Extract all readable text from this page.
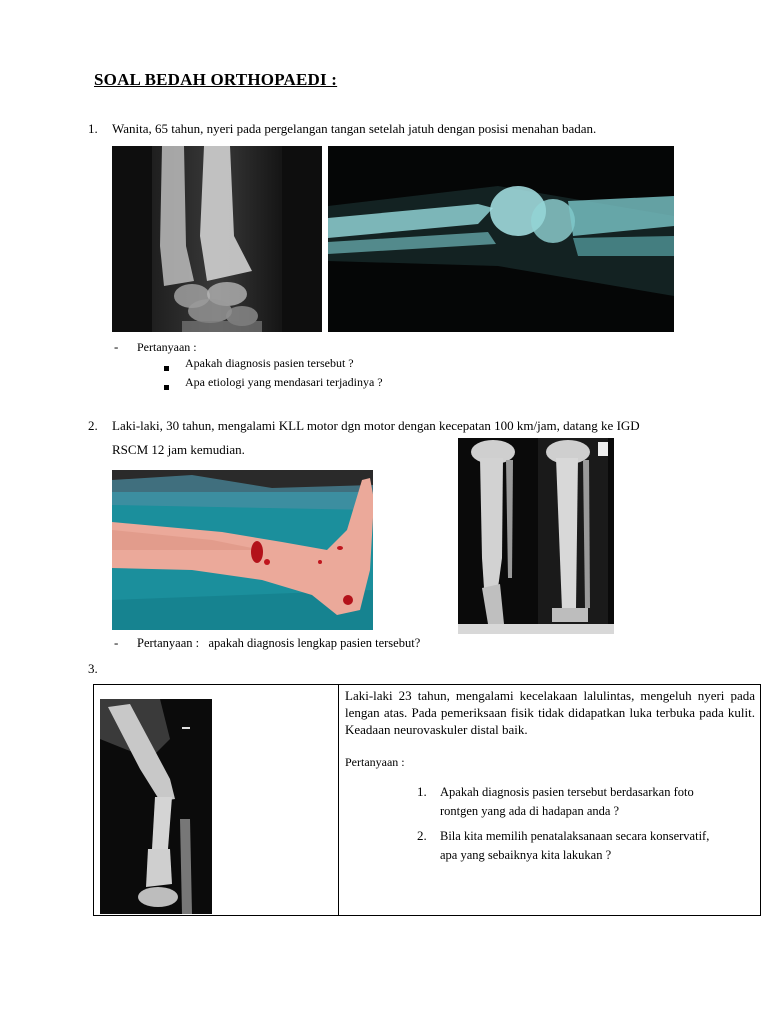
SOAL BEDAH ORTHOPAEDI :
1. Wanita, 65 tahun, nyeri pada pergelangan tangan setelah jatuh dengan posisi menahan badan.
- Pertanyaan :
Apakah diagnosis pasien tersebut ?
Apa etiologi yang mendasari terjadinya ?
2. Laki-laki, 30 tahun, mengalami KLL motor dgn motor dengan kecepatan 100 km/jam, datang ke IGD
RSCM 12 jam kemudian.
- Pertanyaan :   apakah diagnosis lengkap pasien tersebut?
3.

Laki-laki 23 tahun, mengalami kecelakaan lalulintas, mengeluh nyeri pada lengan atas. Pada pemeriksaan fisik tidak didapatkan luka terbuka pada kulit. Keadaan neurovaskuler distal baik.
Pertanyaan :
1. Apakah diagnosis pasien tersebut berdasarkan foto
rontgen yang ada di hadapan anda ?
2. Bila kita memilih penatalaksanaan secara konservatif,
apa yang sebaiknya kita lakukan ?
